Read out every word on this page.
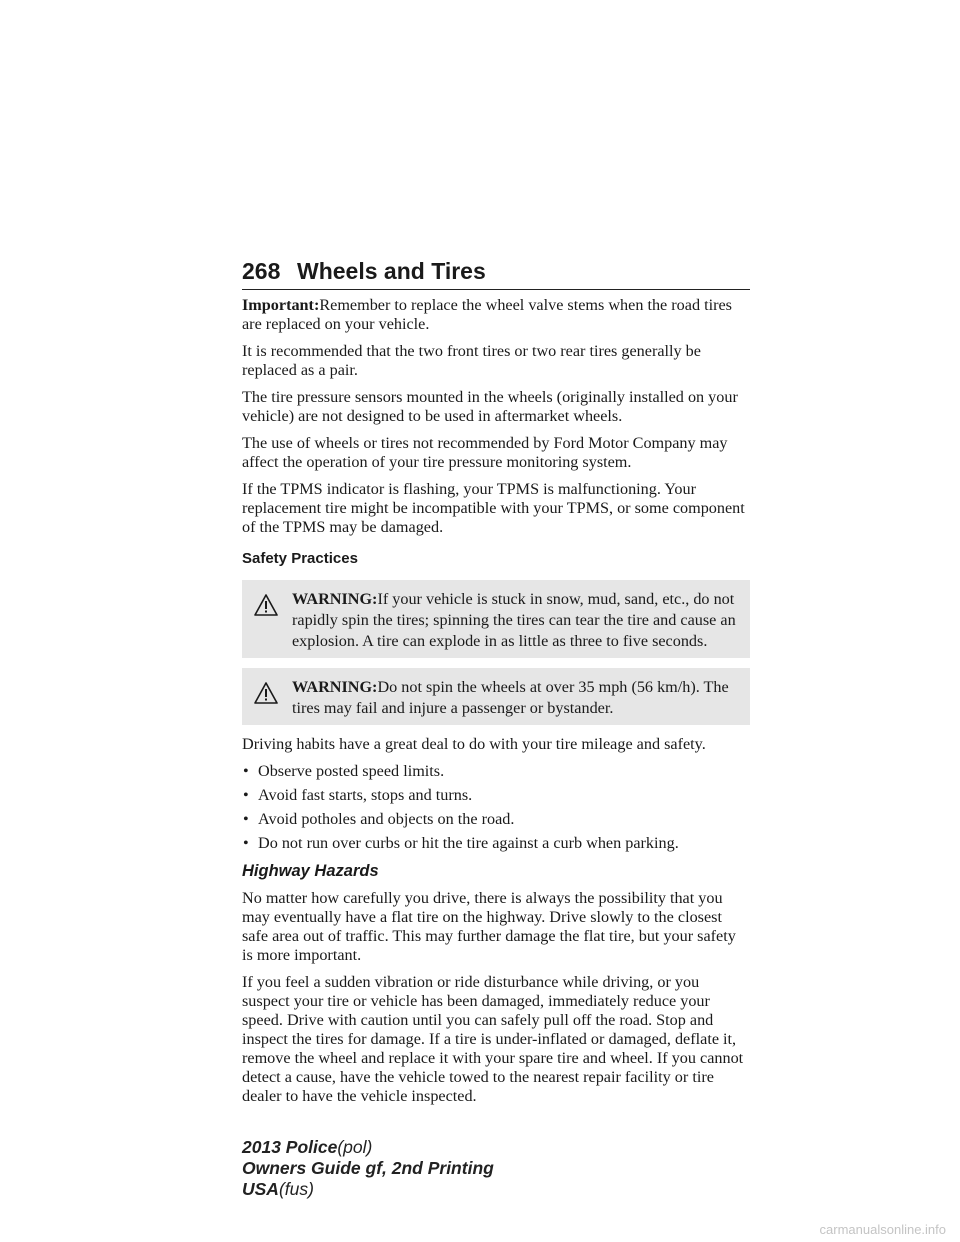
268 Wheels and Tires

Important:Remember to replace the wheel valve stems when the road tires are replaced on your vehicle.

It is recommended that the two front tires or two rear tires generally be replaced as a pair.

The tire pressure sensors mounted in the wheels (originally installed on your vehicle) are not designed to be used in aftermarket wheels.

The use of wheels or tires not recommended by Ford Motor Company may affect the operation of your tire pressure monitoring system.

If the TPMS indicator is flashing, your TPMS is malfunctioning. Your replacement tire might be incompatible with your TPMS, or some component of the TPMS may be damaged.

Safety Practices
WARNING:If your vehicle is stuck in snow, mud, sand, etc., do not rapidly spin the tires; spinning the tires can tear the tire and cause an explosion. A tire can explode in as little as three to five seconds.
WARNING:Do not spin the wheels at over 35 mph (56 km/h). The tires may fail and injure a passenger or bystander.

Driving habits have a great deal to do with your tire mileage and safety.

• Observe posted speed limits.
• Avoid fast starts, stops and turns.
• Avoid potholes and objects on the road.
• Do not run over curbs or hit the tire against a curb when parking.
Highway Hazards

No matter how carefully you drive, there is always the possibility that you may eventually have a flat tire on the highway. Drive slowly to the closest safe area out of traffic. This may further damage the flat tire, but your safety is more important.

If you feel a sudden vibration or ride disturbance while driving, or you suspect your tire or vehicle has been damaged, immediately reduce your speed. Drive with caution until you can safely pull off the road. Stop and inspect the tires for damage. If a tire is under-inflated or damaged, deflate it, remove the wheel and replace it with your spare tire and wheel. If you cannot detect a cause, have the vehicle towed to the nearest repair facility or tire dealer to have the vehicle inspected.

2013 Police(pol)
Owners Guide gf, 2nd Printing
USA(fus)
carmanualsonline.info
